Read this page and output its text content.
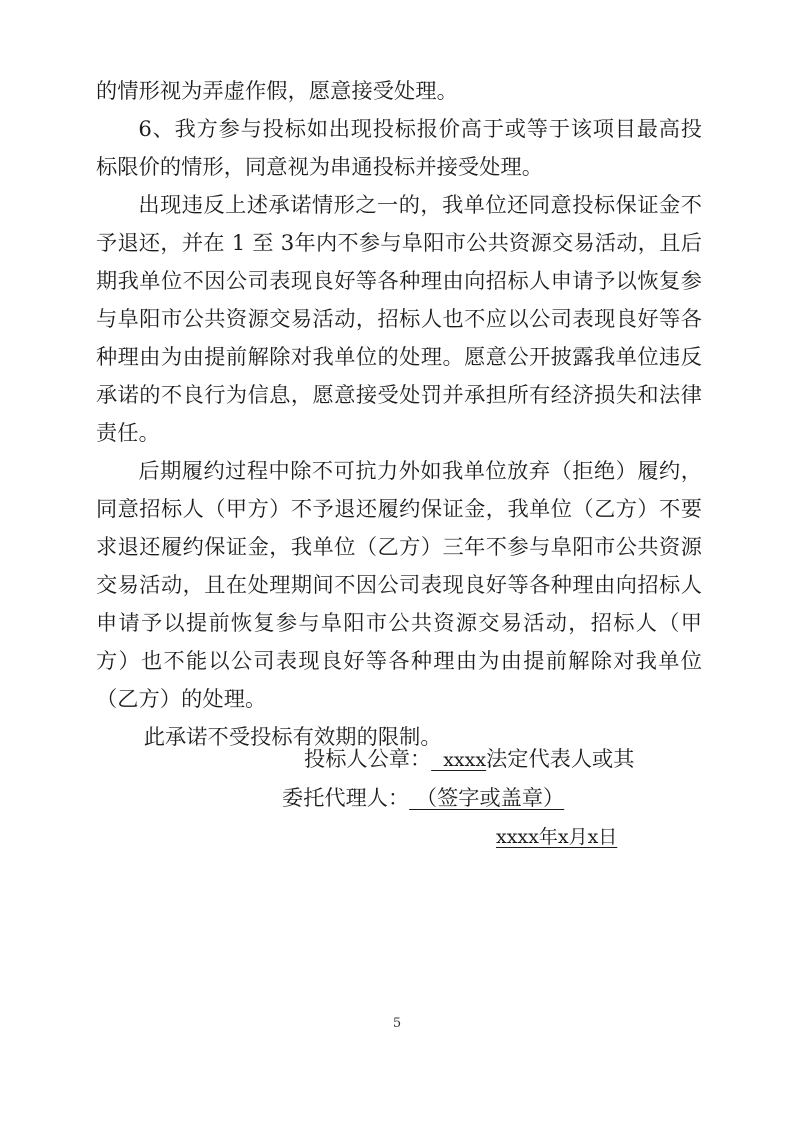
的情形视为弄虚作假，愿意接受处理。

6、我方参与投标如出现投标报价高于或等于该项目最高投标限价的情形，同意视为串通投标并接受处理。

出现违反上述承诺情形之一的，我单位还同意投标保证金不予退还，并在 1 至 3年内不参与阜阳市公共资源交易活动，且后期我单位不因公司表现良好等各种理由向招标人申请予以恢复参与阜阳市公共资源交易活动，招标人也不应以公司表现良好等各种理由为由提前解除对我单位的处理。愿意公开披露我单位违反承诺的不良行为信息，愿意接受处罚并承担所有经济损失和法律责任。

后期履约过程中除不可抗力外如我单位放弃（拒绝）履约，同意招标人（甲方）不予退还履约保证金，我单位（乙方）不要求退还履约保证金，我单位（乙方）三年不参与阜阳市公共资源交易活动，且在处理期间不因公司表现良好等各种理由向招标人申请予以提前恢复参与阜阳市公共资源交易活动，招标人（甲方）也不能以公司表现良好等各种理由为由提前解除对我单位（乙方）的处理。

此承诺不受投标有效期的限制。

投标人公章：  xxxx法定代表人或其
委托代理人： （签字或盖章）
xxxx年x月x日
5
